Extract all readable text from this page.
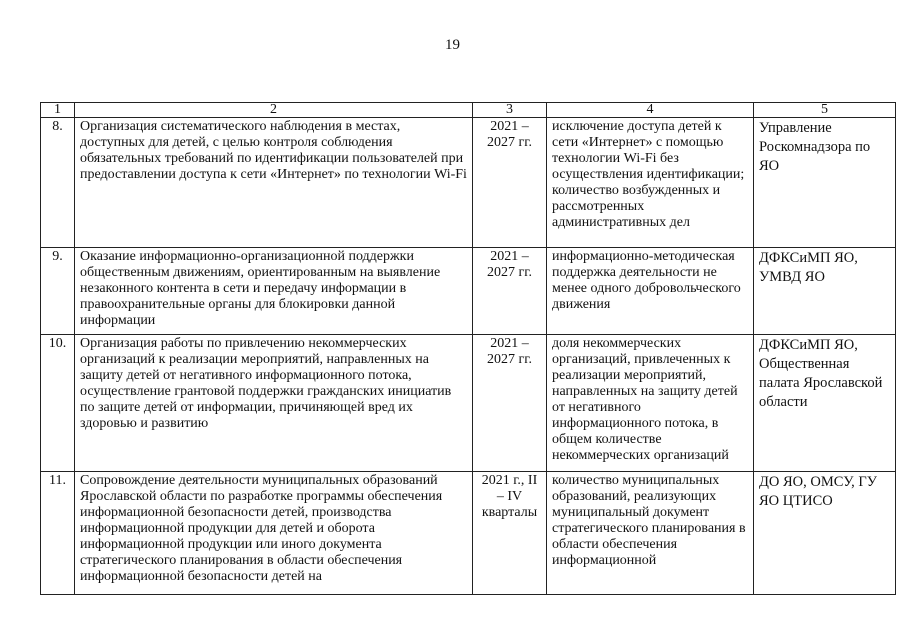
19
1	2	3	4	5
8.	Организация систематического наблюдения в местах, доступных для детей, с целью контроля соблюдения обязательных требований по идентификации пользователей при предоставлении доступа к сети «Интернет» по технологии Wi-Fi	2021 – 2027 гг.	исключение доступа детей к сети «Интернет» с помощью технологии Wi-Fi без осуществления идентификации; количество возбужденных и рассмотренных административных дел	Управление Роскомнадзора по ЯО
9.	Оказание информационно-организационной поддержки общественным движениям, ориентированным на выявление незаконного контента в сети и передачу информации в правоохранительные органы для блокировки данной информации	2021 – 2027 гг.	информационно-методическая поддержка деятельности не менее одного добровольческого движения	ДФКСиМП ЯО, УМВД ЯО
10.	Организация работы по привлечению некоммерческих организаций к реализации мероприятий, направленных на защиту детей от негативного информационного потока, осуществление грантовой поддержки гражданских инициатив по защите детей от информации, причиняющей вред их здоровью и развитию	2021 – 2027 гг.	доля некоммерческих организаций, привлеченных к реализации мероприятий, направленных на защиту детей от негативного информационного потока, в общем количестве некоммерческих организаций	ДФКСиМП ЯО, Общественная палата Ярославской области
11.	Сопровождение деятельности муниципальных образований Ярославской области по разработке программы обеспечения информационной безопасности детей, производства информационной продукции для детей и оборота информационной продукции или иного документа стратегического планирования в области обеспечения информационной безопасности детей на	2021 г., II – IV кварталы	количество муниципальных образований, реализующих муниципальный документ стратегического планирования в области обеспечения информационной	ДО ЯО, ОМСУ, ГУ ЯО ЦТИСО
